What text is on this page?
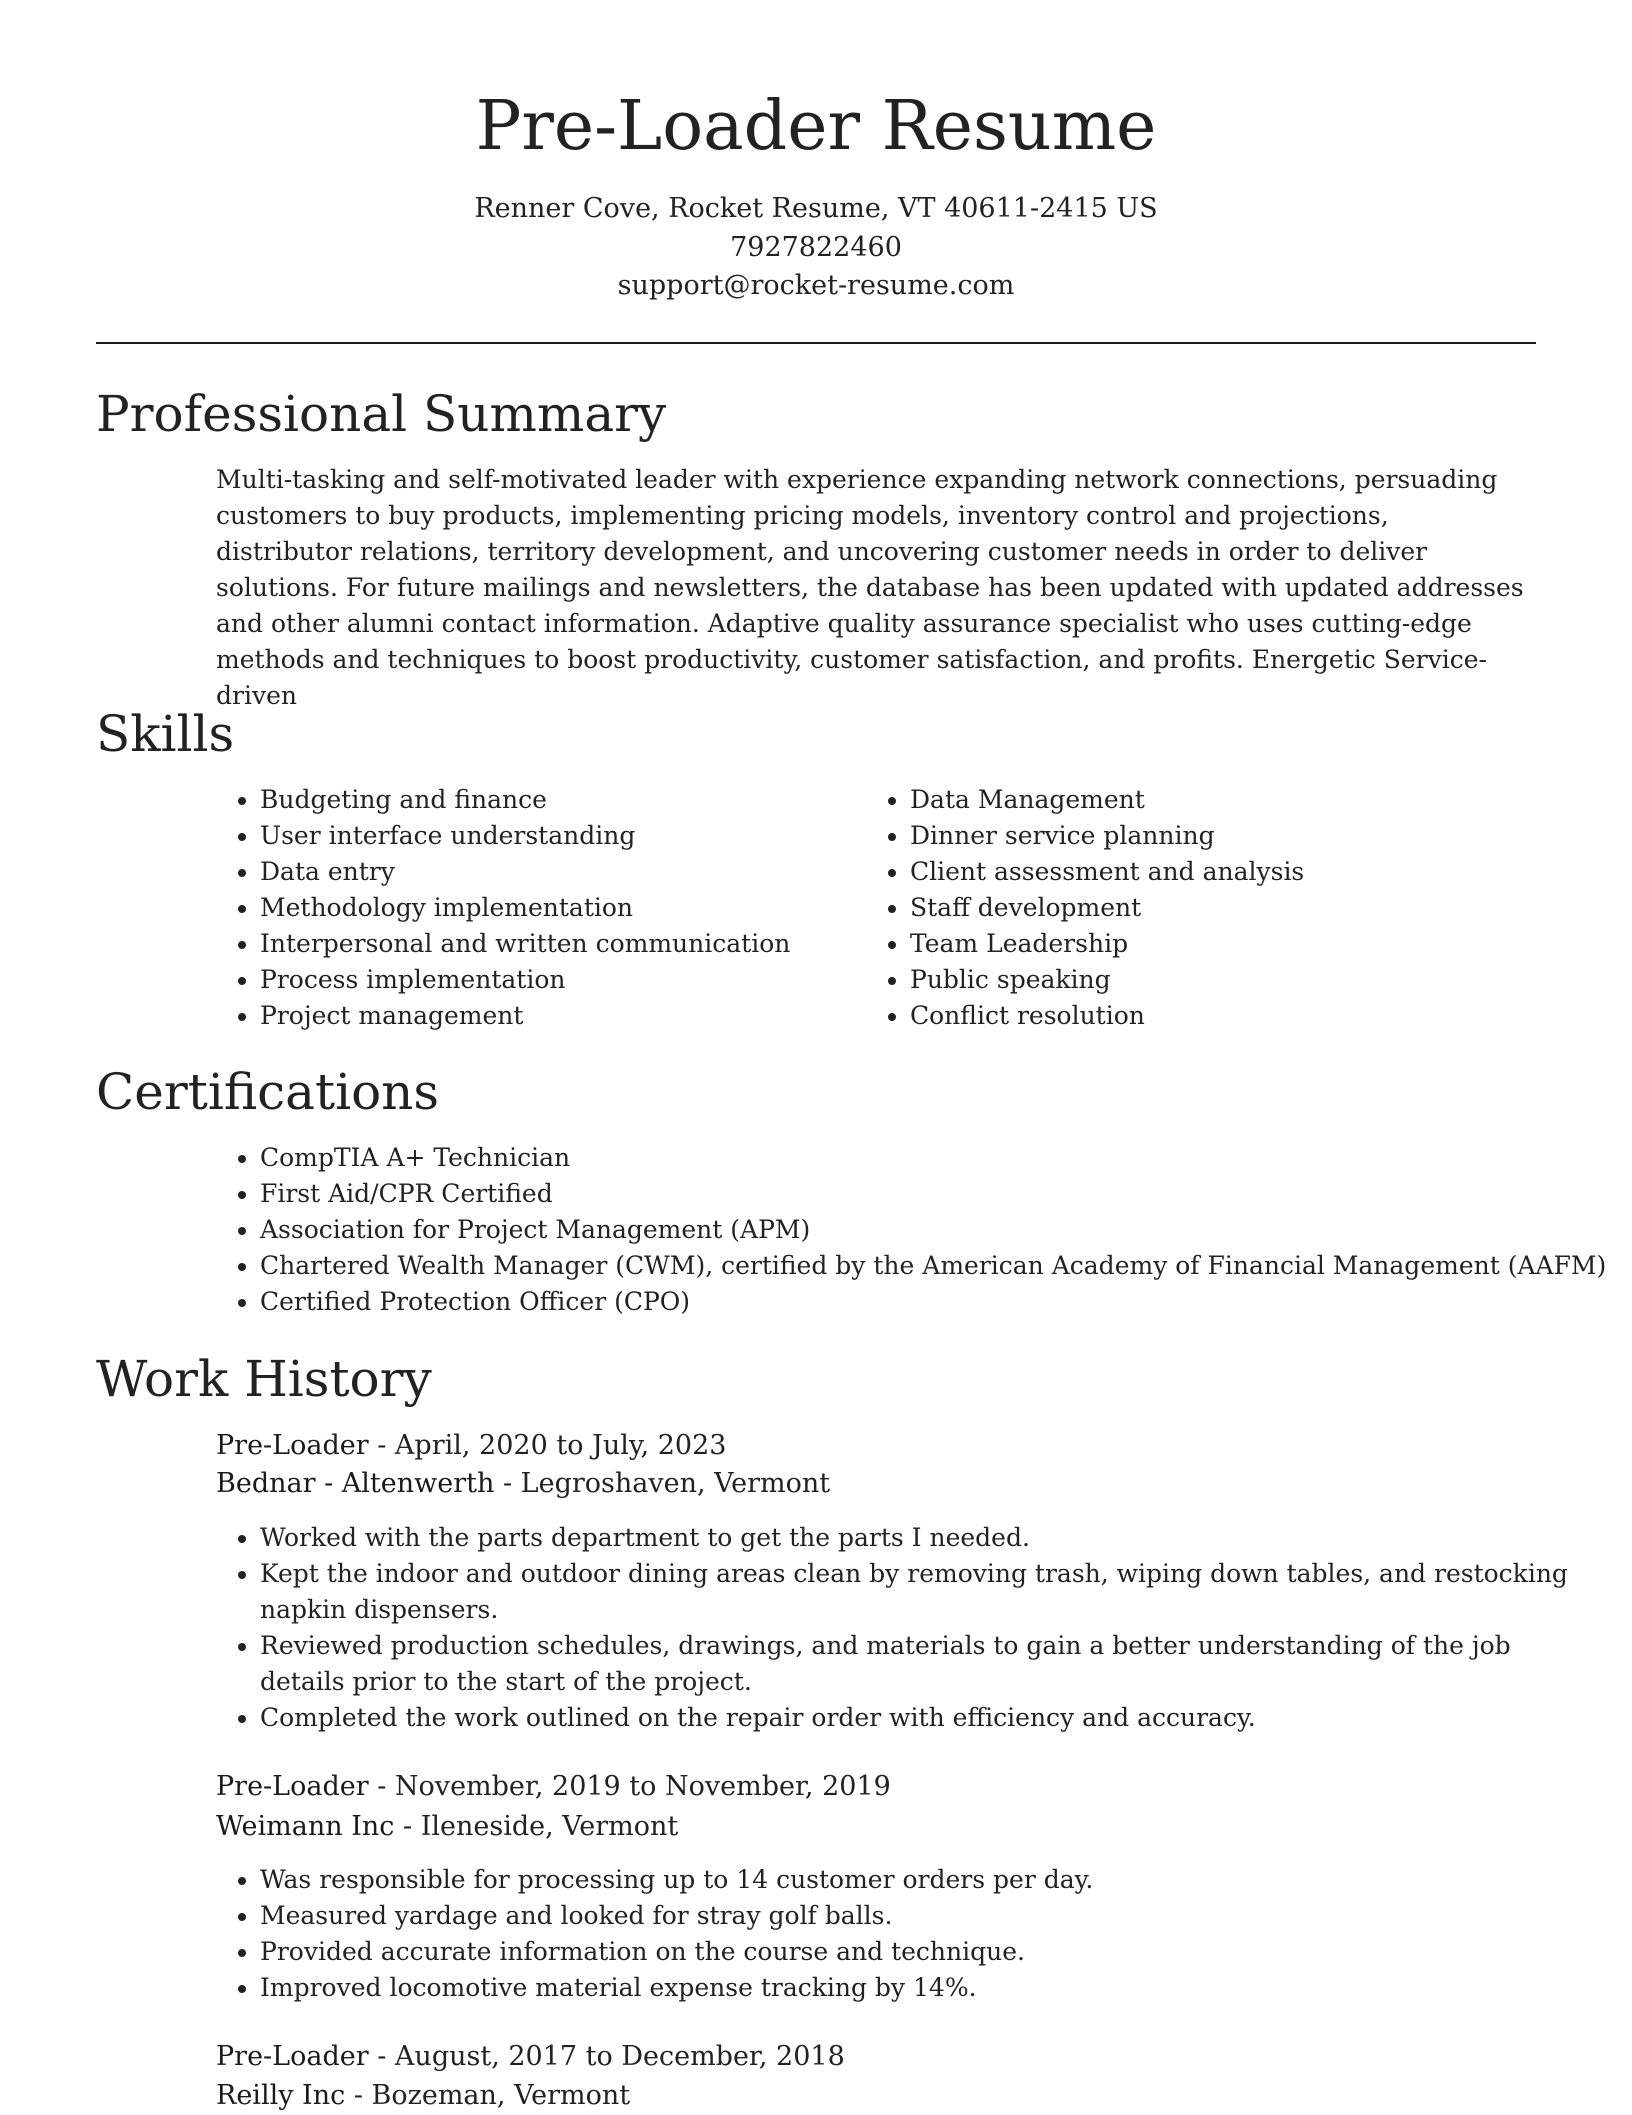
Pre-Loader Resume
Renner Cove, Rocket Resume, VT 40611-2415 US
7927822460
support@rocket-resume.com
Professional Summary

Multi-tasking and self-motivated leader with experience expanding network connections, persuading customers to buy products, implementing pricing models, inventory control and projections, distributor relations, territory development, and uncovering customer needs in order to deliver solutions. For future mailings and newsletters, the database has been updated with updated addresses and other alumni contact information. Adaptive quality assurance specialist who uses cutting-edge methods and techniques to boost productivity, customer satisfaction, and profits. Energetic Service-driven

Skills
• Budgeting and finance
• User interface understanding
• Data entry
• Methodology implementation
• Interpersonal and written communication
• Process implementation
• Project management
• Data Management
• Dinner service planning
• Client assessment and analysis
• Staff development
• Team Leadership
• Public speaking
• Conflict resolution
Certifications
• CompTIA A+ Technician
• First Aid/CPR Certified
• Association for Project Management (APM)
• Chartered Wealth Manager (CWM), certified by the American Academy of Financial Management (AAFM)
• Certified Protection Officer (CPO)
Work History
Pre-Loader - April, 2020 to July, 2023
Bednar - Altenwerth - Legroshaven, Vermont
• Worked with the parts department to get the parts I needed.
• Kept the indoor and outdoor dining areas clean by removing trash, wiping down tables, and restocking napkin dispensers.
• Reviewed production schedules, drawings, and materials to gain a better understanding of the job details prior to the start of the project.
• Completed the work outlined on the repair order with efficiency and accuracy.
Pre-Loader - November, 2019 to November, 2019
Weimann Inc - Ileneside, Vermont
• Was responsible for processing up to 14 customer orders per day.
• Measured yardage and looked for stray golf balls.
• Provided accurate information on the course and technique.
• Improved locomotive material expense tracking by 14%.
Pre-Loader - August, 2017 to December, 2018
Reilly Inc - Bozeman, Vermont
